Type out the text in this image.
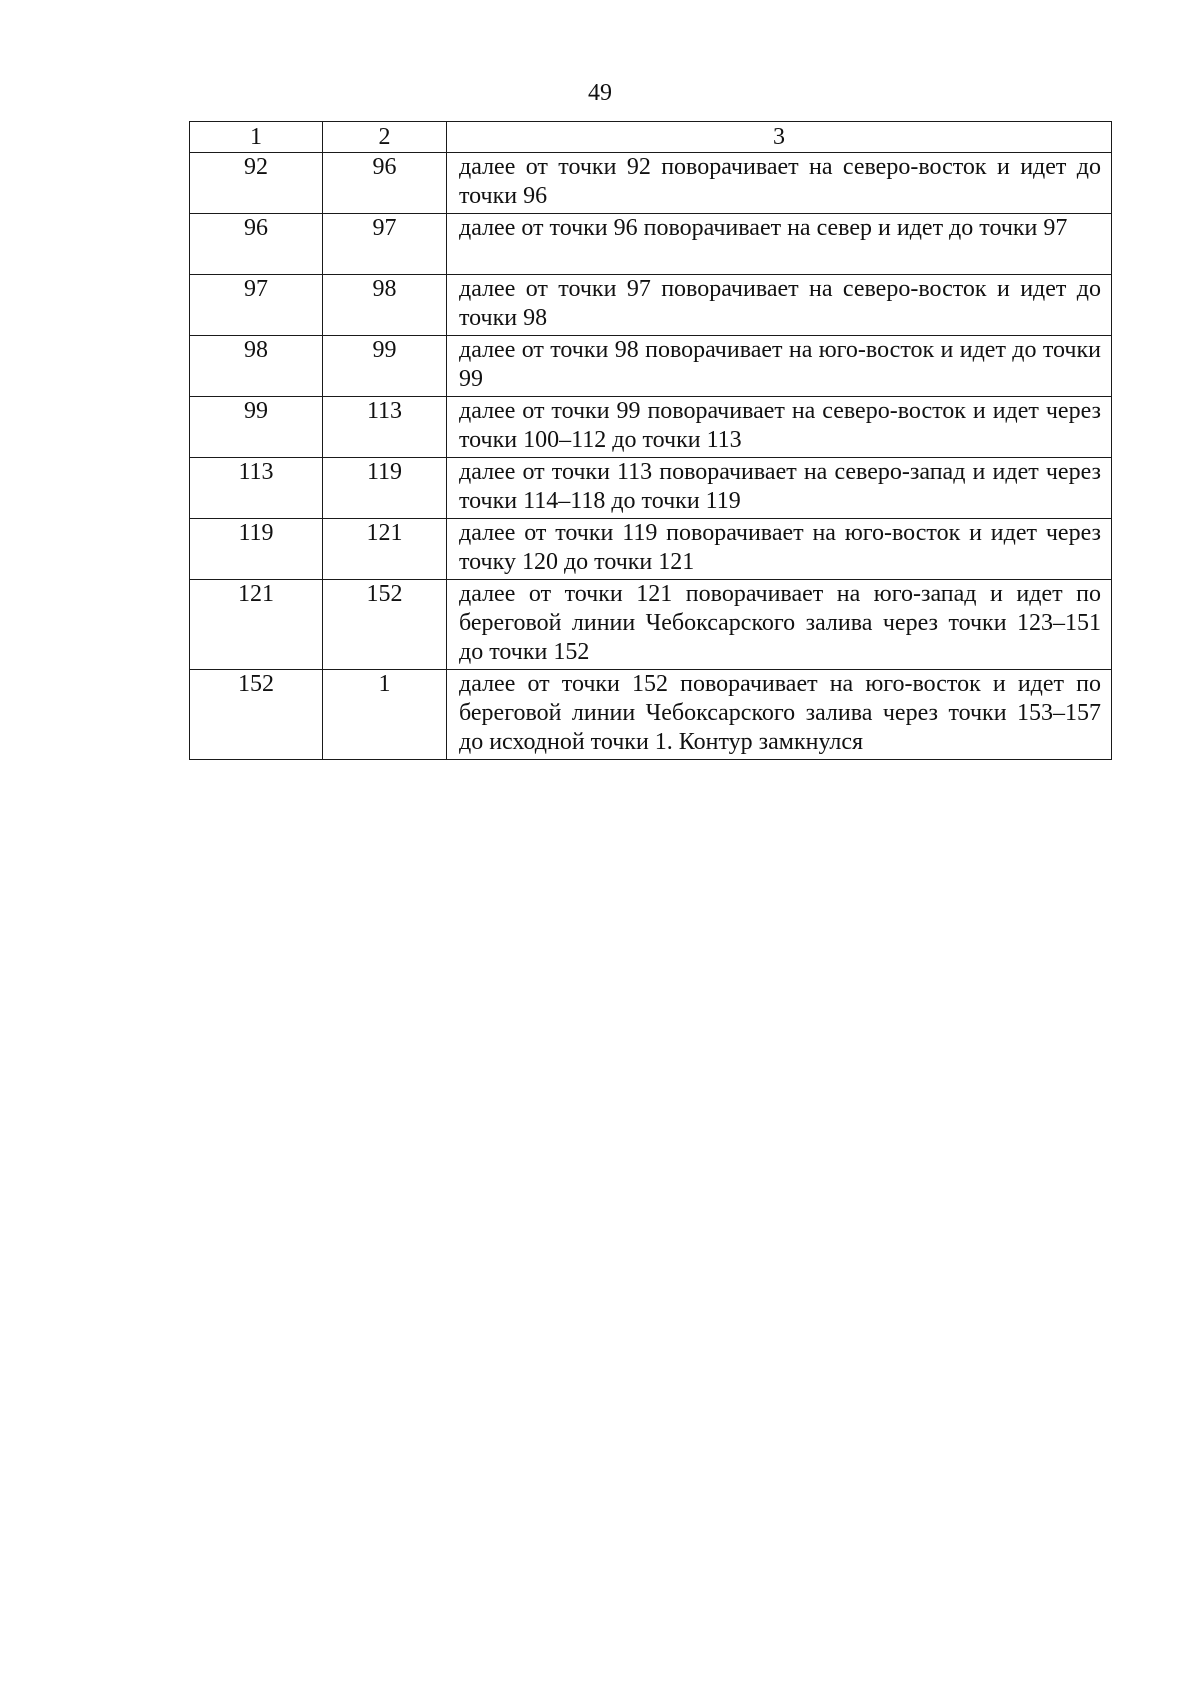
49
1	2	3
92	96	далее от точки 92 поворачивает на северо-восток и идет до точки 96
96	97	далее от точки 96 поворачивает на север и идет до точки 97
97	98	далее от точки 97 поворачивает на северо-восток и идет до точки 98
98	99	далее от точки 98 поворачивает на юго-восток и идет до точки 99
99	113	далее от точки 99 поворачивает на северо-восток и идет через точки 100–112 до точки 113
113	119	далее от точки 113 поворачивает на северо-запад и идет через точки 114–118 до точки 119
119	121	далее от точки 119 поворачивает на юго-восток и идет через точку 120 до точки 121
121	152	далее от точки 121 поворачивает на юго-запад и идет по береговой линии Чебоксарского залива через точки 123–151 до точки 152
152	1	далее от точки 152 поворачивает на юго-восток и идет по береговой линии Чебоксарского залива через точки 153–157 до исходной точки 1. Контур замкнулся
